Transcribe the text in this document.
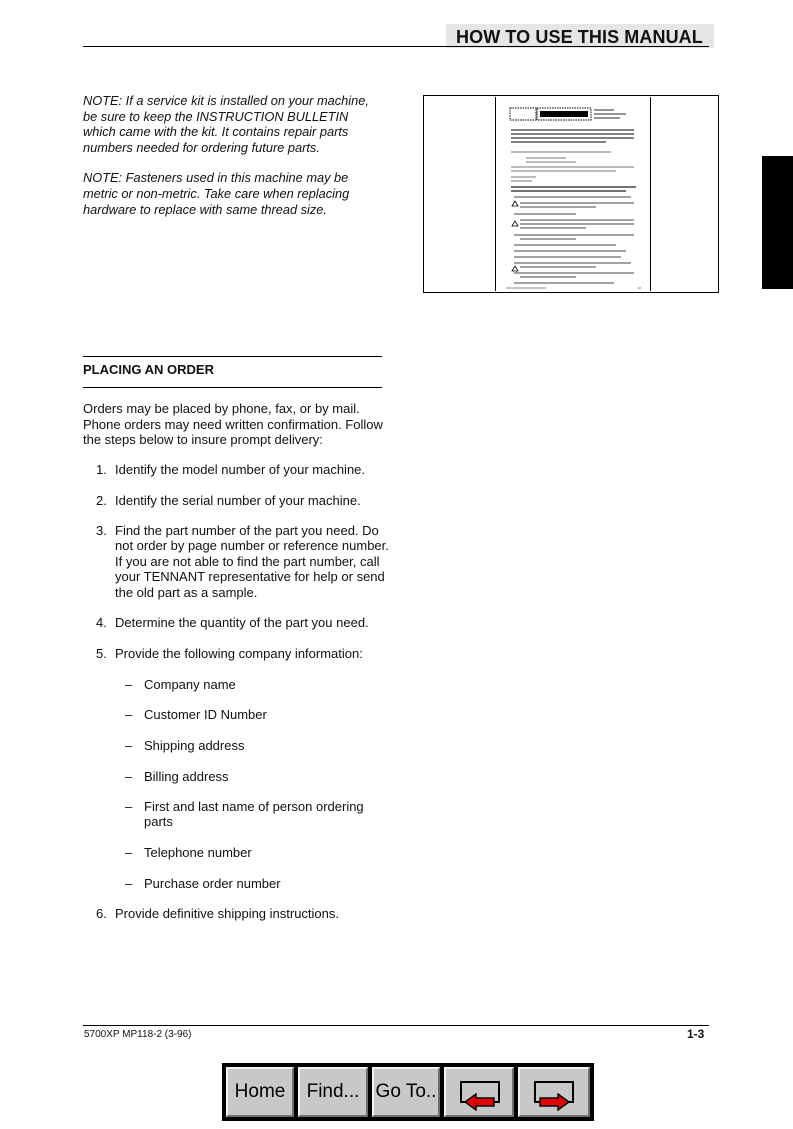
HOW TO USE THIS MANUAL

NOTE: If a service kit is installed on your machine, be sure to keep the INSTRUCTION BULLETIN which came with the kit. It contains repair parts numbers needed for ordering future parts.

NOTE: Fasteners used in this machine may be metric or non-metric. Take care when replacing hardware to replace with same thread size.

PLACING AN ORDER
Orders may be placed by phone, fax, or by mail. Phone orders may need written confirmation. Follow the steps below to insure prompt delivery:
1. Identify the model number of your machine.
2. Identify the serial number of your machine.
3. Find the part number of the part you need. Do not order by page number or reference number. If you are not able to find the part number, call your TENNANT representative for help or send the old part as a sample.
4. Determine the quantity of the part you need.
5. Provide the following company information:
– Company name
– Customer ID Number
– Shipping address
– Billing address
– First and last name of person ordering parts
– Telephone number
– Purchase order number
6. Provide definitive shipping instructions.
5700XP MP118-2 (3-96)	1-3
Home	Find... Go To..
